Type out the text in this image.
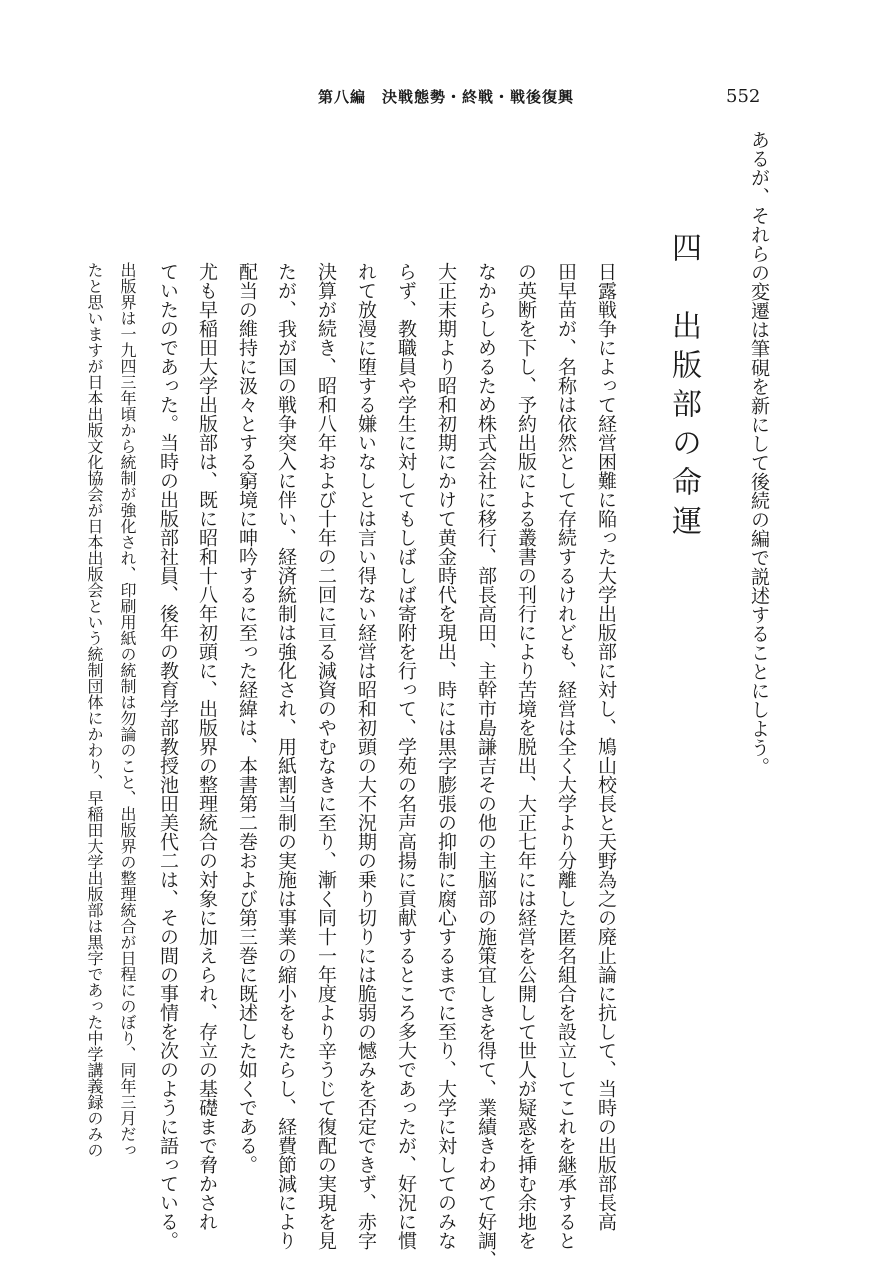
第八編　決戦態勢・終戦・戦後復興	552
あるが、それらの変遷は筆硯を新にして後続の編で説述することにしよう。
四　出版部の命運
日露戦争によって経営困難に陥った大学出版部に対し、鳩山校長と天野為之の廃止論に抗して、当時の出版部長高
田早苗が、名称は依然として存続するけれども、経営は全く大学より分離した匿名組合を設立してこれを継承すると
の英断を下し、予約出版による叢書の刊行により苦境を脱出、大正七年には経営を公開して世人が疑惑を挿む余地を
なからしめるため株式会社に移行、部長高田、主幹市島謙吉その他の主脳部の施策宜しきを得て、業績きわめて好調、
大正末期より昭和初期にかけて黄金時代を現出、時には黒字膨張の抑制に腐心するまでに至り、大学に対してのみな
らず、教職員や学生に対してもしばしば寄附を行って、学苑の名声高揚に貢献するところ多大であったが、好況に慣
れて放漫に堕する嫌いなしとは言い得ない経営は昭和初頭の大不況期の乗り切りには脆弱の憾みを否定できず、赤字
決算が続き、昭和八年および十年の二回に亘る減資のやむなきに至り、漸く同十一年度より辛うじて復配の実現を見
たが、我が国の戦争突入に伴い、経済統制は強化され、用紙割当制の実施は事業の縮小をもたらし、経費節減により
配当の維持に汲々とする窮境に呻吟するに至った経緯は、本書第二巻および第三巻に既述した如くである。
尤も早稲田大学出版部は、既に昭和十八年初頭に、出版界の整理統合の対象に加えられ、存立の基礎まで脅かされ
ていたのであった。当時の出版部社員、後年の教育学部教授池田美代二は、その間の事情を次のように語っている。
出版界は一九四三年頃から統制が強化され、印刷用紙の統制は勿論のこと、出版界の整理統合が日程にのぼり、同年三月だっ
たと思いますが日本出版文化協会が日本出版会という統制団体にかわり、早稲田大学出版部は黒字であった中学講義録のみの
